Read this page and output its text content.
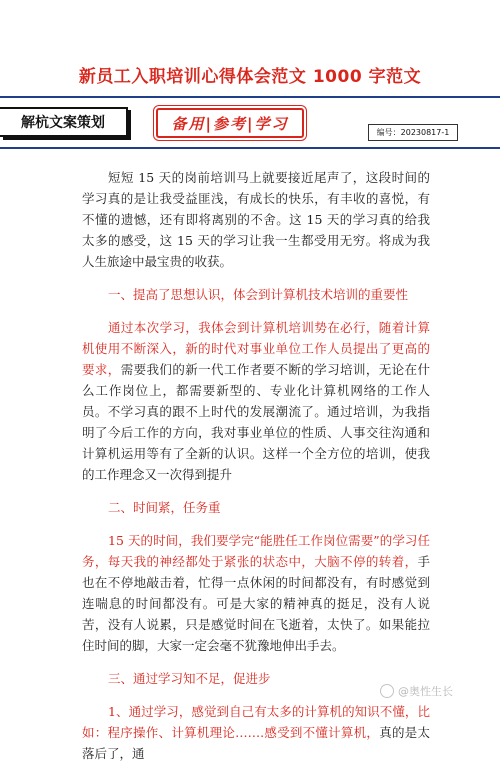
新员工入职培训心得体会范文 1000 字范文
解杭文案策划	备用|参考|学习	编号：20230817-1

短短 15 天的岗前培训马上就要接近尾声了，这段时间的学习真的是让我受益匪浅，有成长的快乐，有丰收的喜悦，有不懂的遗憾，还有即将离别的不舍。这 15 天的学习真的给我太多的感受，这 15 天的学习让我一生都受用无穷。将成为我人生旅途中最宝贵的收获。

一、提高了思想认识，体会到计算机技术培训的重要性

通过本次学习，我体会到计算机培训势在必行，随着计算机使用不断深入，新的时代对事业单位工作人员提出了更高的要求，需要我们的新一代工作者要不断的学习培训，无论在什么工作岗位上，都需要新型的、专业化计算机网络的工作人员。不学习真的跟不上时代的发展潮流了。通过培训，为我指明了今后工作的方向，我对事业单位的性质、人事交往沟通和计算机运用等有了全新的认识。这样一个全方位的培训，使我的工作理念又一次得到提升

二、时间紧，任务重

15 天的时间，我们要学完“能胜任工作岗位需要”的学习任务，每天我的神经都处于紧张的状态中，大脑不停的转着，手也在不停地敲击着，忙得一点休闲的时间都没有，有时感觉到连喘息的时间都没有。可是大家的精神真的挺足，没有人说苦，没有人说累，只是感觉时间在飞逝着，太快了。如果能拉住时间的脚，大家一定会毫不犹豫地伸出手去。

三、通过学习知不足，促进步

1、通过学习，感觉到自己有太多的计算机的知识不懂，比如：程序操作、计算机理论…….感受到不懂计算机，真的是太落后了，通

@奥性生长
